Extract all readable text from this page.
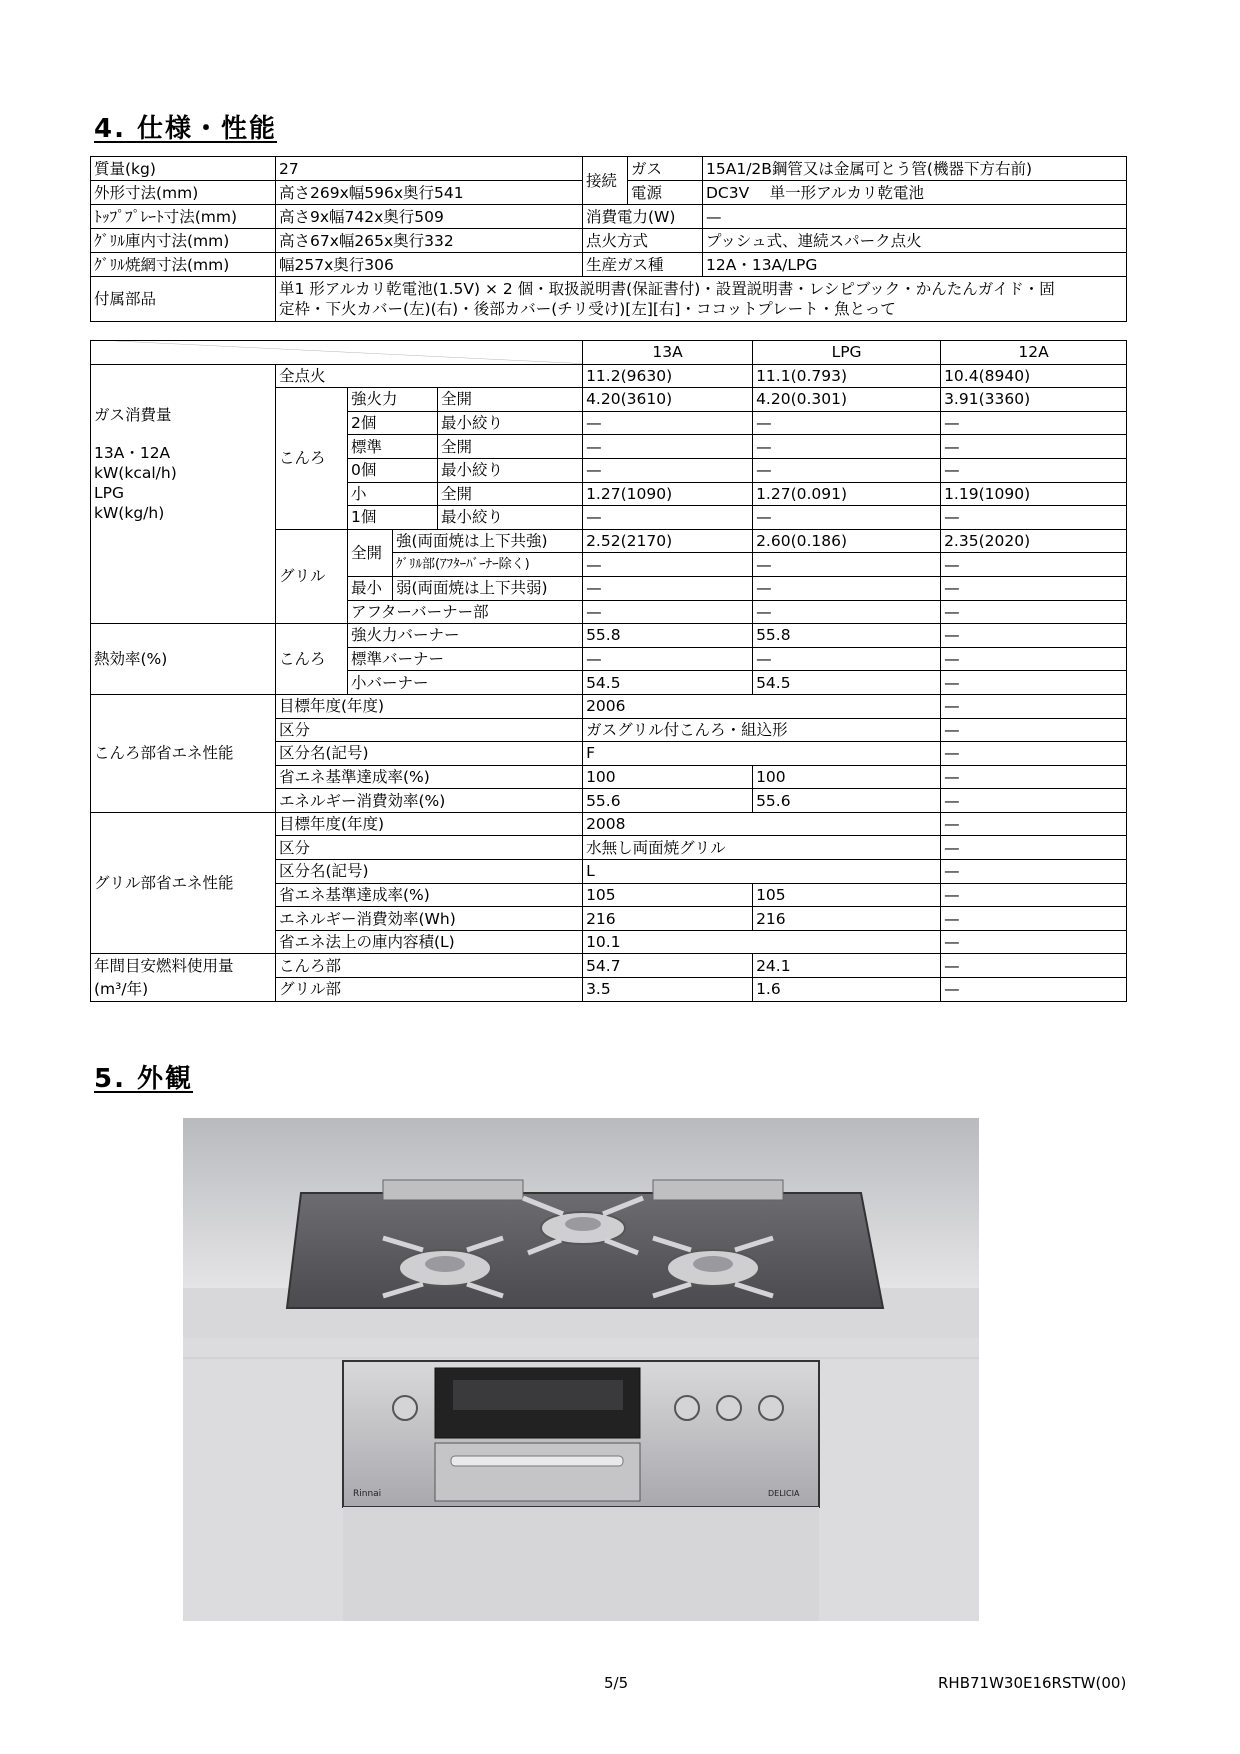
4. 仕様・性能
質量(kg)	27	接続	ガス	15A1/2B鋼管又は金属可とう管(機器下方右前)
外形寸法(mm)	高さ269x幅596x奥行541		電源	DC3V　 単一形アルカリ乾電池
ﾄｯﾌﾟﾌﾟﾚｰﾄ寸法(mm)	高さ9x幅742x奥行509	消費電力(W)		—
ｸﾞﾘﾙ庫内寸法(mm)	高さ67x幅265x奥行332	点火方式		プッシュ式、連続スパーク点火
ｸﾞﾘﾙ焼網寸法(mm)	幅257x奥行306	生産ガス種		12A・13A/LPG
付属部品	単1 形アルカリ乾電池(1.5V) × 2 個・取扱説明書(保証書付)・設置説明書・レシピブック・かんたんガイド・固
定枠・下火カバー(左)(右)・後部カバー(チリ受け)[左][右]・ココットプレート・魚とって			
	13A	LPG	12A

ガス消費量
13A・12A
kW(kcal/h)
LPG
kW(kg/h)	全点火				11.2(9630)	11.1(0.793)	10.4(8940)
	こんろ	強火力		全開	4.20(3610)	4.20(0.301)	3.91(3360)
		2個		最小絞り	—	—	—
		標準		全開	—	—	—
		0個		最小絞り	—	—	—
		小		全開	1.27(1090)	1.27(0.091)	1.19(1090)
		1個		最小絞り	—	—	—
	グリル	全開	強(両面焼は上下共強)		2.52(2170)	2.60(0.186)	2.35(2020)
			ｸﾞﾘﾙ部(ｱﾌﾀｰﾊﾞｰﾅｰ除く)		—	—	—
		最小	弱(両面焼は上下共弱)		—	—	—
		アフターバーナー部			—	—	—
熱効率(%)	こんろ	強火力バーナー			55.8	55.8	—
		標準バーナー			—	—	—
		小バーナー			54.5	54.5	—
こんろ部省エネ性能	目標年度(年度)				2006		—
	区分				ガスグリル付こんろ・組込形		—
	区分名(記号)				F		—
	省エネ基準達成率(%)				100	100	—
	エネルギー消費効率(%)				55.6	55.6	—
グリル部省エネ性能	目標年度(年度)				2008		—
	区分				水無し両面焼グリル		—
	区分名(記号)				L		—
	省エネ基準達成率(%)				105	105	—
	エネルギー消費効率(Wh)				216	216	—
	省エネ法上の庫内容積(L)				10.1		—
年間目安燃料使用量	こんろ部				54.7	24.1	—
(m³/年)	グリル部				3.5	1.6	—
5. 外観
Rinnai	DELICIA
5/5	RHB71W30E16RSTW(00)
